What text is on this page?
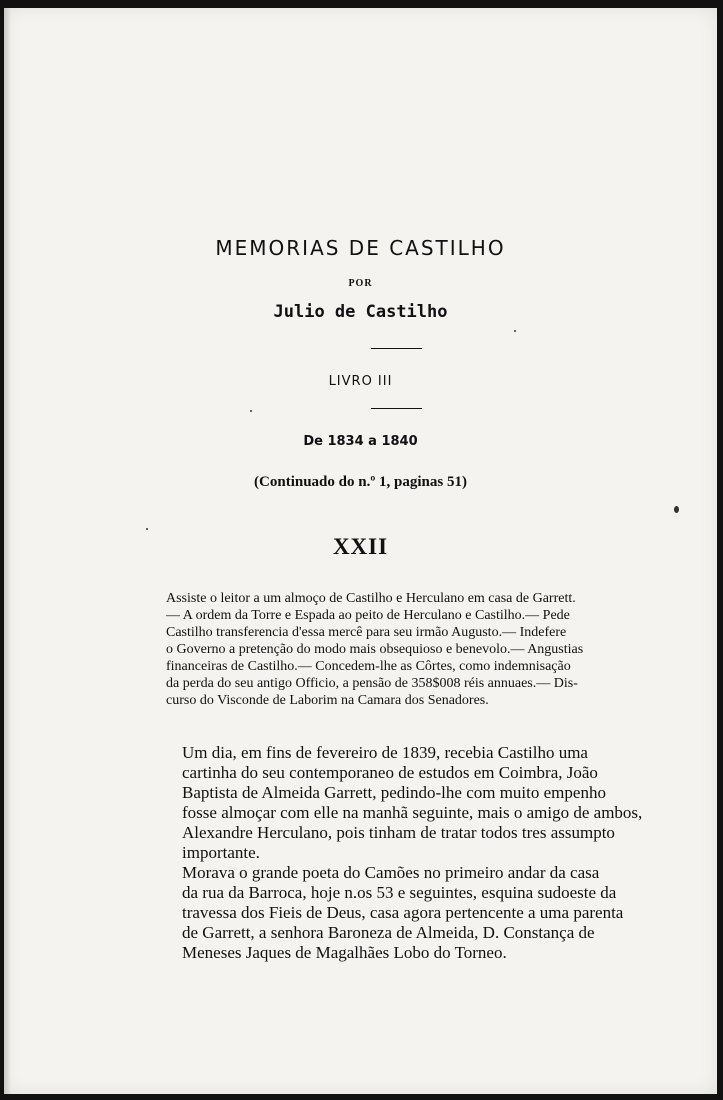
MEMORIAS DE CASTILHO
POR
Julio de Castilho
LIVRO III
De 1834 a 1840
(Continuado do n.º 1, paginas 51)
XXII
Assiste o leitor a um almoço de Castilho e Herculano em casa de Garrett.
— A ordem da Torre e Espada ao peito de Herculano e Castilho.— Pede
Castilho transferencia d'essa mercê para seu irmão Augusto.— Indefere
o Governo a pretenção do modo mais obsequioso e benevolo.— Angustias
financeiras de Castilho.— Concedem-lhe as Côrtes, como indemnisação
da perda do seu antigo Officio, a pensão de 358$008 réis annuaes.— Dis-
curso do Visconde de Laborim na Camara dos Senadores.
Um dia, em fins de fevereiro de 1839, recebia Castilho uma
cartinha do seu contemporaneo de estudos em Coimbra, João
Baptista de Almeida Garrett, pedindo-lhe com muito empenho
fosse almoçar com elle na manhã seguinte, mais o amigo de ambos,
Alexandre Herculano, pois tinham de tratar todos tres assumpto
importante.
Morava o grande poeta do Camões no primeiro andar da casa
da rua da Barroca, hoje n.os 53 e seguintes, esquina sudoeste da
travessa dos Fieis de Deus, casa agora pertencente a uma parenta
de Garrett, a senhora Baroneza de Almeida, D. Constança de
Meneses Jaques de Magalhães Lobo do Torneo.
